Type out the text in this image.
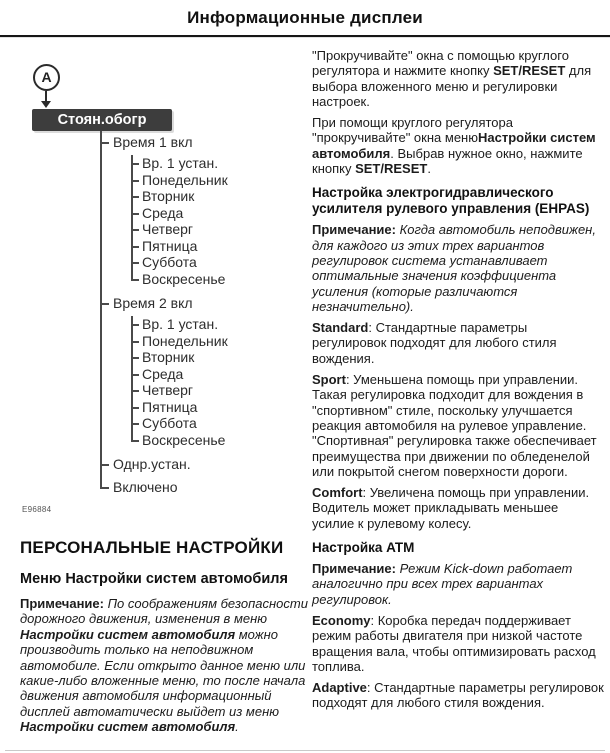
Информационные дисплеи
A
Стоян.обогр
Время 1 вкл
Вр. 1 устан.
Понедельник
Вторник
Среда
Четверг
Пятница
Суббота
Воскресенье
Время 2 вкл
Вр. 1 устан.
Понедельник
Вторник
Среда
Четверг
Пятница
Суббота
Воскресенье
Однр.устан.
Включено
E96884
ПЕРСОНАЛЬНЫЕ НАСТРОЙКИ
Меню Настройки систем автомобиля

Примечание: По соображениям безопасности дорожного движения, изменения в меню Настройки систем автомобиля можно производить только на неподвижном автомобиле. Если открыто данное меню или какие-либо вложенные меню, то после начала движения автомобиля информационный дисплей автоматически выйдет из меню Настройки систем автомобиля.

"Прокручивайте" окна с помощью круглого регулятора и нажмите кнопку SET/RESET для выбора вложенного меню и регулировки настроек.

При помощи круглого регулятора "прокручивайте" окна менюНастройки систем автомобиля. Выбрав нужное окно, нажмите кнопку SET/RESET.

Настройка электрогидравлического усилителя рулевого управления (EHPAS)

Примечание: Когда автомобиль неподвижен, для каждого из этих трех вариантов регулировок система устанавливает оптимальные значения коэффициента усиления (которые различаются незначительно).

Standard: Стандартные параметры регулировок подходят для любого стиля вождения.

Sport: Уменьшена помощь при управлении. Такая регулировка подходит для вождения в "спортивном" стиле, поскольку улучшается реакция автомобиля на рулевое управление. "Спортивная" регулировка также обеспечивает преимущества при движении по обледенелой или покрытой снегом поверхности дороги.

Comfort: Увеличена помощь при управлении. Водитель может прикладывать меньшее усилие к рулевому колесу.

Настройка ATM

Примечание: Режим Kick-down работает аналогично при всех трех вариантах регулировок.

Economy: Коробка передач поддерживает режим работы двигателя при низкой частоте вращения вала, чтобы оптимизировать расход топлива.

Adaptive: Стандартные параметры регулировок подходят для любого стиля вождения.
